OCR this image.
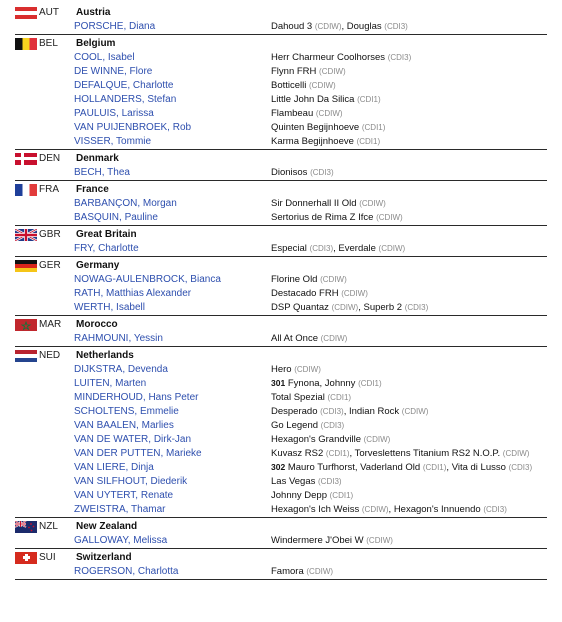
AUT	Austria
PORSCHE, Diana	Dahoud 3 (CDIW), Douglas (CDI3)
BEL	Belgium
COOL, Isabel	Herr Charmeur Coolhorses (CDI3)
DE WINNE, Flore	Flynn FRH (CDIW)
DEFALQUE, Charlotte	Botticelli (CDIW)
HOLLANDERS, Stefan	Little John Da Silica (CDI1)
PAULUIS, Larissa	Flambeau (CDIW)
VAN PUIJENBROEK, Rob	Quinten Begijnhoeve (CDI1)
VISSER, Tommie	Karma Begijnhoeve (CDI1)
DEN	Denmark
BECH, Thea	Dionisos (CDI3)
FRA	France
BARBANÇON, Morgan	Sir Donnerhall II Old (CDIW)
BASQUIN, Pauline	Sertorius de Rima Z Ifce (CDIW)
GBR	Great Britain
FRY, Charlotte	Especial (CDI3), Everdale (CDIW)
GER	Germany
NOWAG-AULENBROCK, Bianca	Florine Old (CDIW)
RATH, Matthias Alexander	Destacado FRH (CDIW)
WERTH, Isabell	DSP Quantaz (CDIW), Superb 2 (CDI3)
MAR	Morocco
RAHMOUNI, Yessin	All At Once (CDIW)
NED	Netherlands
DIJKSTRA, Devenda	Hero (CDIW)
LUITEN, Marten	301 Fynona, Johnny (CDI1)
MINDERHOUD, Hans Peter	Total Spezial (CDI1)
SCHOLTENS, Emmelie	Desperado (CDI3), Indian Rock (CDIW)
VAN BAALEN, Marlies	Go Legend (CDI3)
VAN DE WATER, Dirk-Jan	Hexagon's Grandville (CDIW)
VAN DER PUTTEN, Marieke	Kuvasz RS2 (CDI1), Torveslettens Titanium RS2 N.O.P. (CDIW)
VAN LIERE, Dinja	302 Mauro Turfhorst, Vaderland Old (CDI1), Vita di Lusso (CDI3)
VAN SILFHOUT, Diederik	Las Vegas (CDI3)
VAN UYTERT, Renate	Johnny Depp (CDI1)
ZWEISTRA, Thamar	Hexagon's Ich Weiss (CDIW), Hexagon's Innuendo (CDI3)
NZL	New Zealand
GALLOWAY, Melissa	Windermere J'Obei W (CDIW)
SUI	Switzerland
ROGERSON, Charlotta	Famora (CDIW)
